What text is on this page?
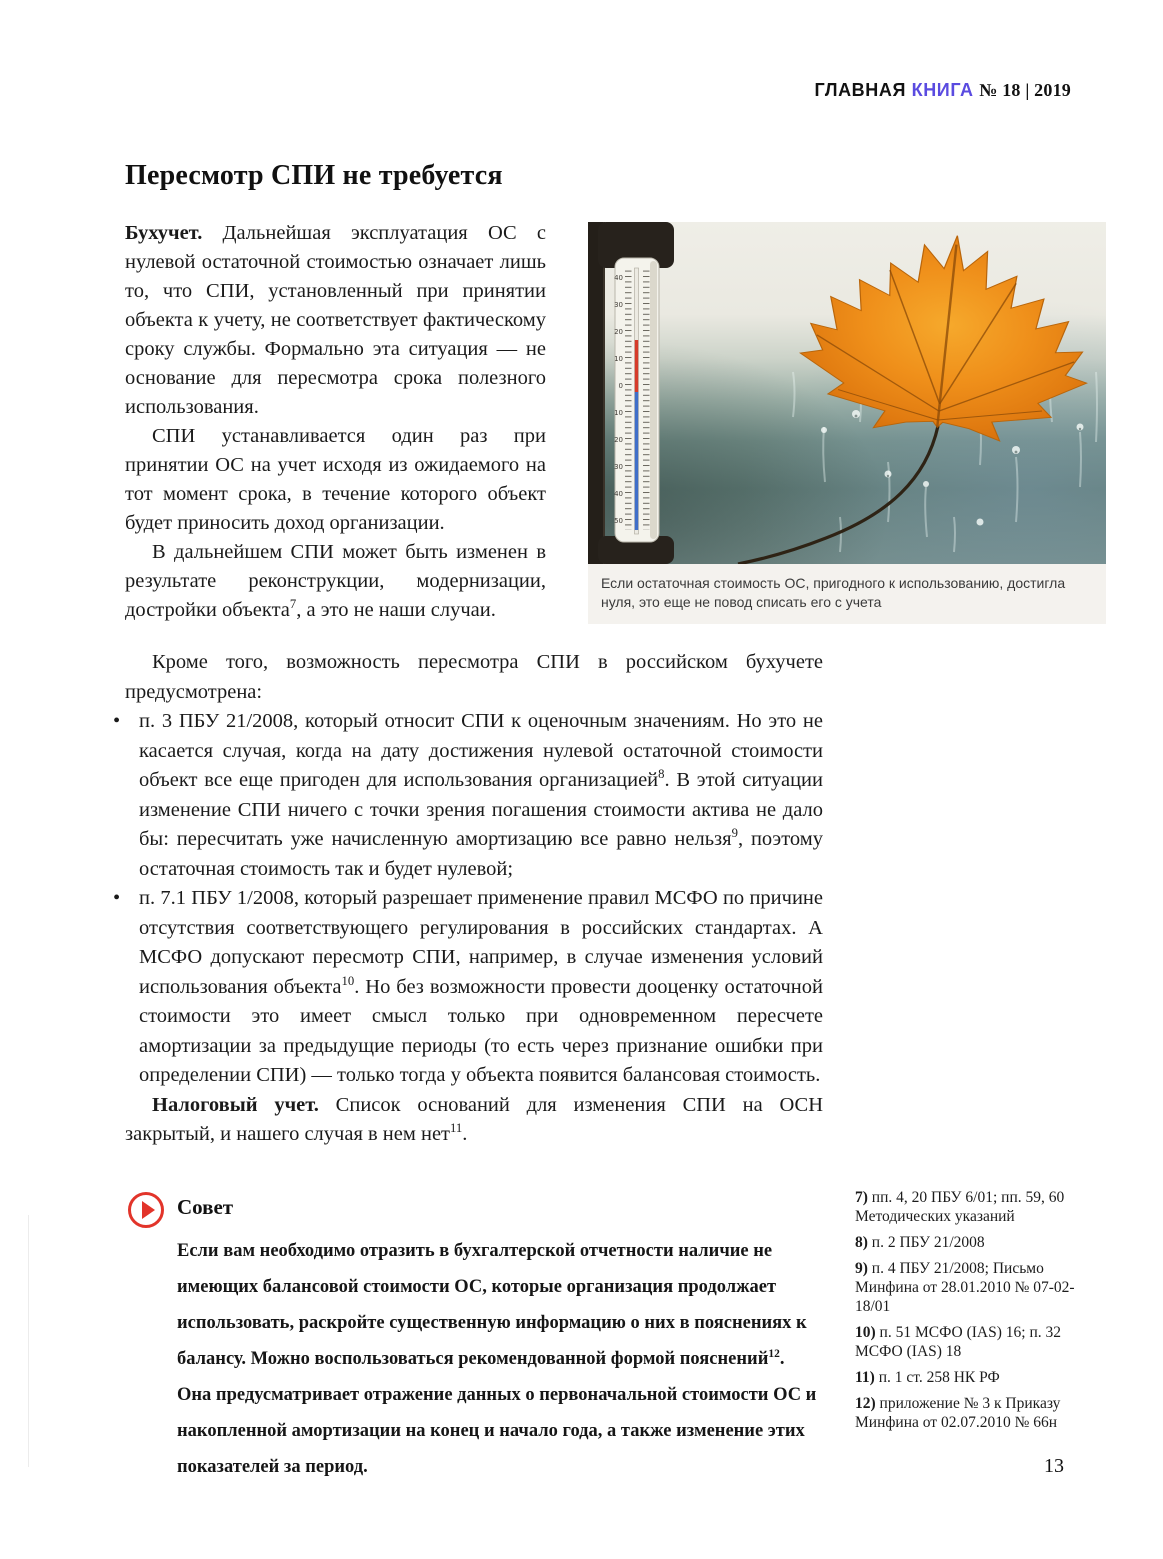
ГЛАВНАЯ КНИГА № 18 | 2019
Пересмотр СПИ не требуется
Бухучет. Дальнейшая эксплуатация ОС с нулевой остаточной стоимостью означает лишь то, что СПИ, установленный при принятии объекта к учету, не соответствует фактическому сроку службы. Формально эта ситуация — не основание для пересмотра срока полезного использования.
СПИ устанавливается один раз при принятии ОС на учет исходя из ожидаемого на тот момент срока, в течение которого объект будет приносить доход организации.
В дальнейшем СПИ может быть изменен в результате реконструкции, модернизации, достройки объекта$^7$, а это не наши случаи.
40
30
20
10
0
10
20
30
40
50
Если остаточная стоимость ОС, пригодного к использованию, достигла нуля, это еще не повод списать его с учета
Кроме того, возможность пересмотра СПИ в российском бухучете предусмотрена:
• п. 3 ПБУ 21/2008, который относит СПИ к оценочным значениям. Но это не касается случая, когда на дату достижения нулевой остаточной стоимости объект все еще пригоден для использования организацией$^8$. В этой ситуации изменение СПИ ничего с точки зрения погашения стоимости актива не дало бы: пересчитать уже начисленную амортизацию все равно нельзя$^9$, поэтому остаточная стоимость так и будет нулевой;
• п. 7.1 ПБУ 1/2008, который разрешает применение правил МСФО по причине отсутствия соответствующего регулирования в российских стандартах. А МСФО допускают пересмотр СПИ, например, в случае изменения условий использования объекта$^{10}$. Но без возможности провести дооценку остаточной стоимости это имеет смысл только при одновременном пересчете амортизации за предыдущие периоды (то есть через признание ошибки при определении СПИ) — только тогда у объекта появится балансовая стоимость.
Налоговый учет. Список оснований для изменения СПИ на ОСН закрытый, и нашего случая в нем нет$^{11}$.
Совет
Если вам необходимо отразить в бухгалтерской отчетности наличие не имеющих балансовой стоимости ОС, которые организация продолжает использовать, раскройте существенную информацию о них в пояснениях к балансу. Можно воспользоваться рекомендованной формой пояснений$^{12}$. Она предусматривает отражение данных о первоначальной стоимости ОС и накопленной амортизации на конец и начало года, а также изменение этих показателей за период.
7) пп. 4, 20 ПБУ 6/01; пп. 59, 60 Методических указаний
8) п. 2 ПБУ 21/2008
9) п. 4 ПБУ 21/2008; Письмо Минфина от 28.01.2010 № 07-02-18/01
10) п. 51 МСФО (IAS) 16; п. 32 МСФО (IAS) 18
11) п. 1 ст. 258 НК РФ
12) приложение № 3 к Приказу Минфина от 02.07.2010 № 66н
13
